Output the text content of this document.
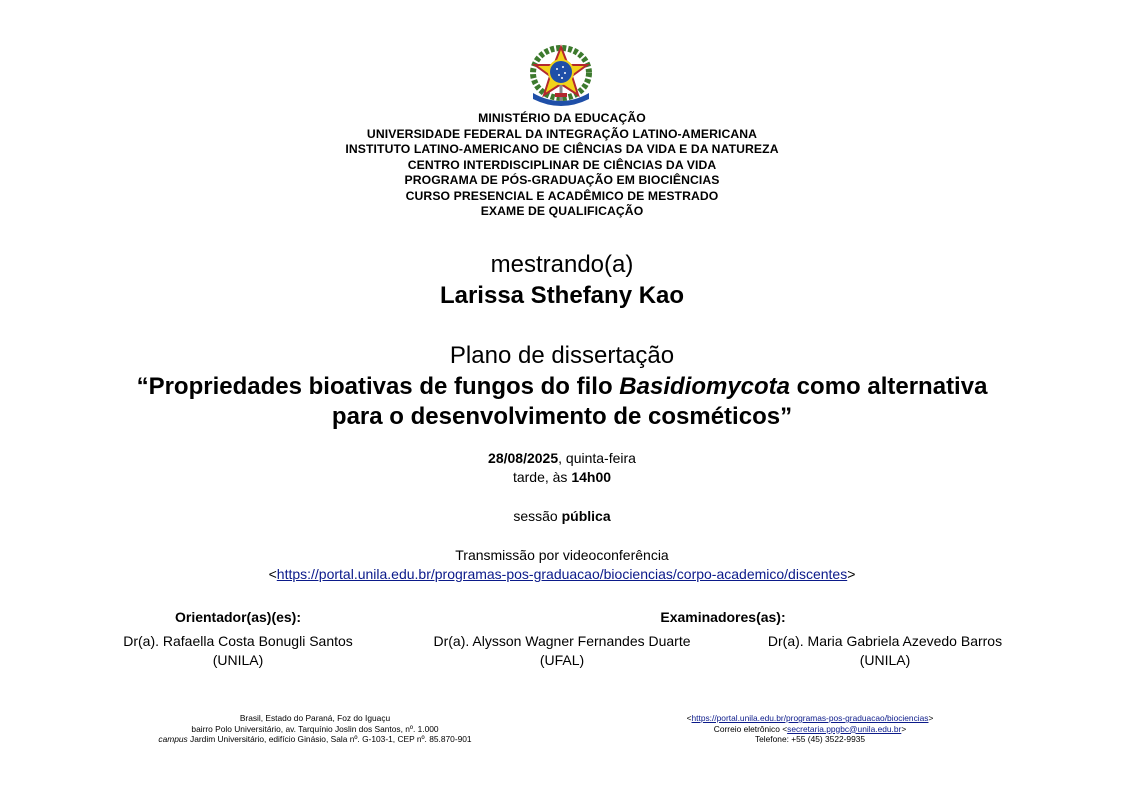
MINISTÉRIO DA EDUCAÇÃO
UNIVERSIDADE FEDERAL DA INTEGRAÇÃO LATINO-AMERICANA
INSTITUTO LATINO-AMERICANO DE CIÊNCIAS DA VIDA E DA NATUREZA
CENTRO INTERDISCIPLINAR DE CIÊNCIAS DA VIDA
PROGRAMA DE PÓS-GRADUAÇÃO EM BIOCIÊNCIAS
CURSO PRESENCIAL E ACADÊMICO DE MESTRADO
EXAME DE QUALIFICAÇÃO
mestrando(a)
Larissa Sthefany Kao
Plano de dissertação
“Propriedades bioativas de fungos do filo Basidiomycota como alternativa
para o desenvolvimento de cosméticos”
28/08/2025, quinta-feira
tarde, às 14h00
sessão pública
Transmissão por videoconferência
<https://portal.unila.edu.br/programas-pos-graduacao/biociencias/corpo-academico/discentes>
Orientador(as)(es):	Examinadores(as):
Dr(a). Rafaella Costa Bonugli Santos
(UNILA)
Dr(a). Alysson Wagner Fernandes Duarte
(UFAL)
Dr(a). Maria Gabriela Azevedo Barros
(UNILA)
Brasil, Estado do Paraná, Foz do Iguaçu
bairro Polo Universitário, av. Tarquínio Joslin dos Santos, nº. 1.000
campus Jardim Universitário, edifício Ginásio, Sala nº. G-103-1, CEP nº. 85.870-901
<https://portal.unila.edu.br/programas-pos-graduacao/biociencias>
Correio eletrônico <secretaria.ppgbc@unila.edu.br>
Telefone: +55 (45) 3522-9935
